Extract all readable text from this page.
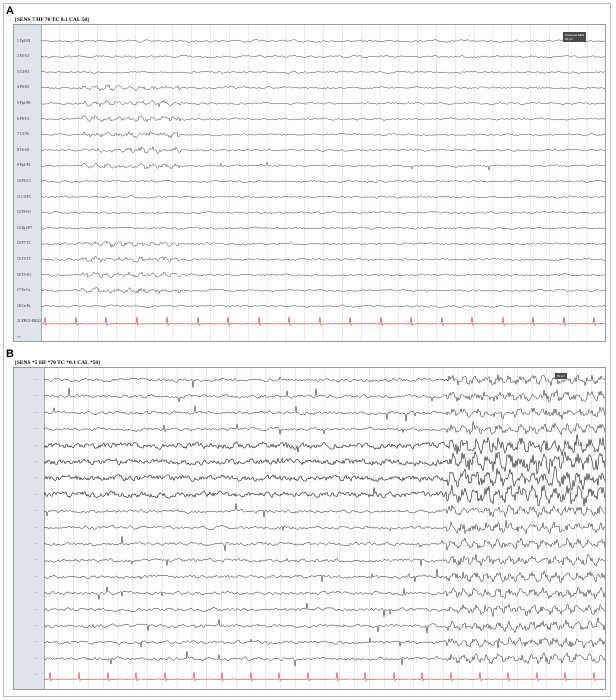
A
[SENS 7 HF 70 TC 0.1 CAL 50]
1 Fp2-F4
2 F4-C4
3 C4-P4
4 P4-O2
5 Fp2-F8
6 F8-T4
7 T4-T6
8 T6-O2
9 Fp1-F3
10 F3-C3
11 C3-P3
12 P3-O1
13 Fp1-F7
14 F7-T3
15 T3-T5
16 T5-O1
17 Fz-Cz
18 Cz-Pz
21 EKG1-EKG2
55
Paramed EEG
50 µV
B
[SENS *5 HF *70 TC *0.1 CAL *50]
—
—
—
—
—
—
—
—
—
—
—
—
—
—
—
—
—
—
—
50 µV
